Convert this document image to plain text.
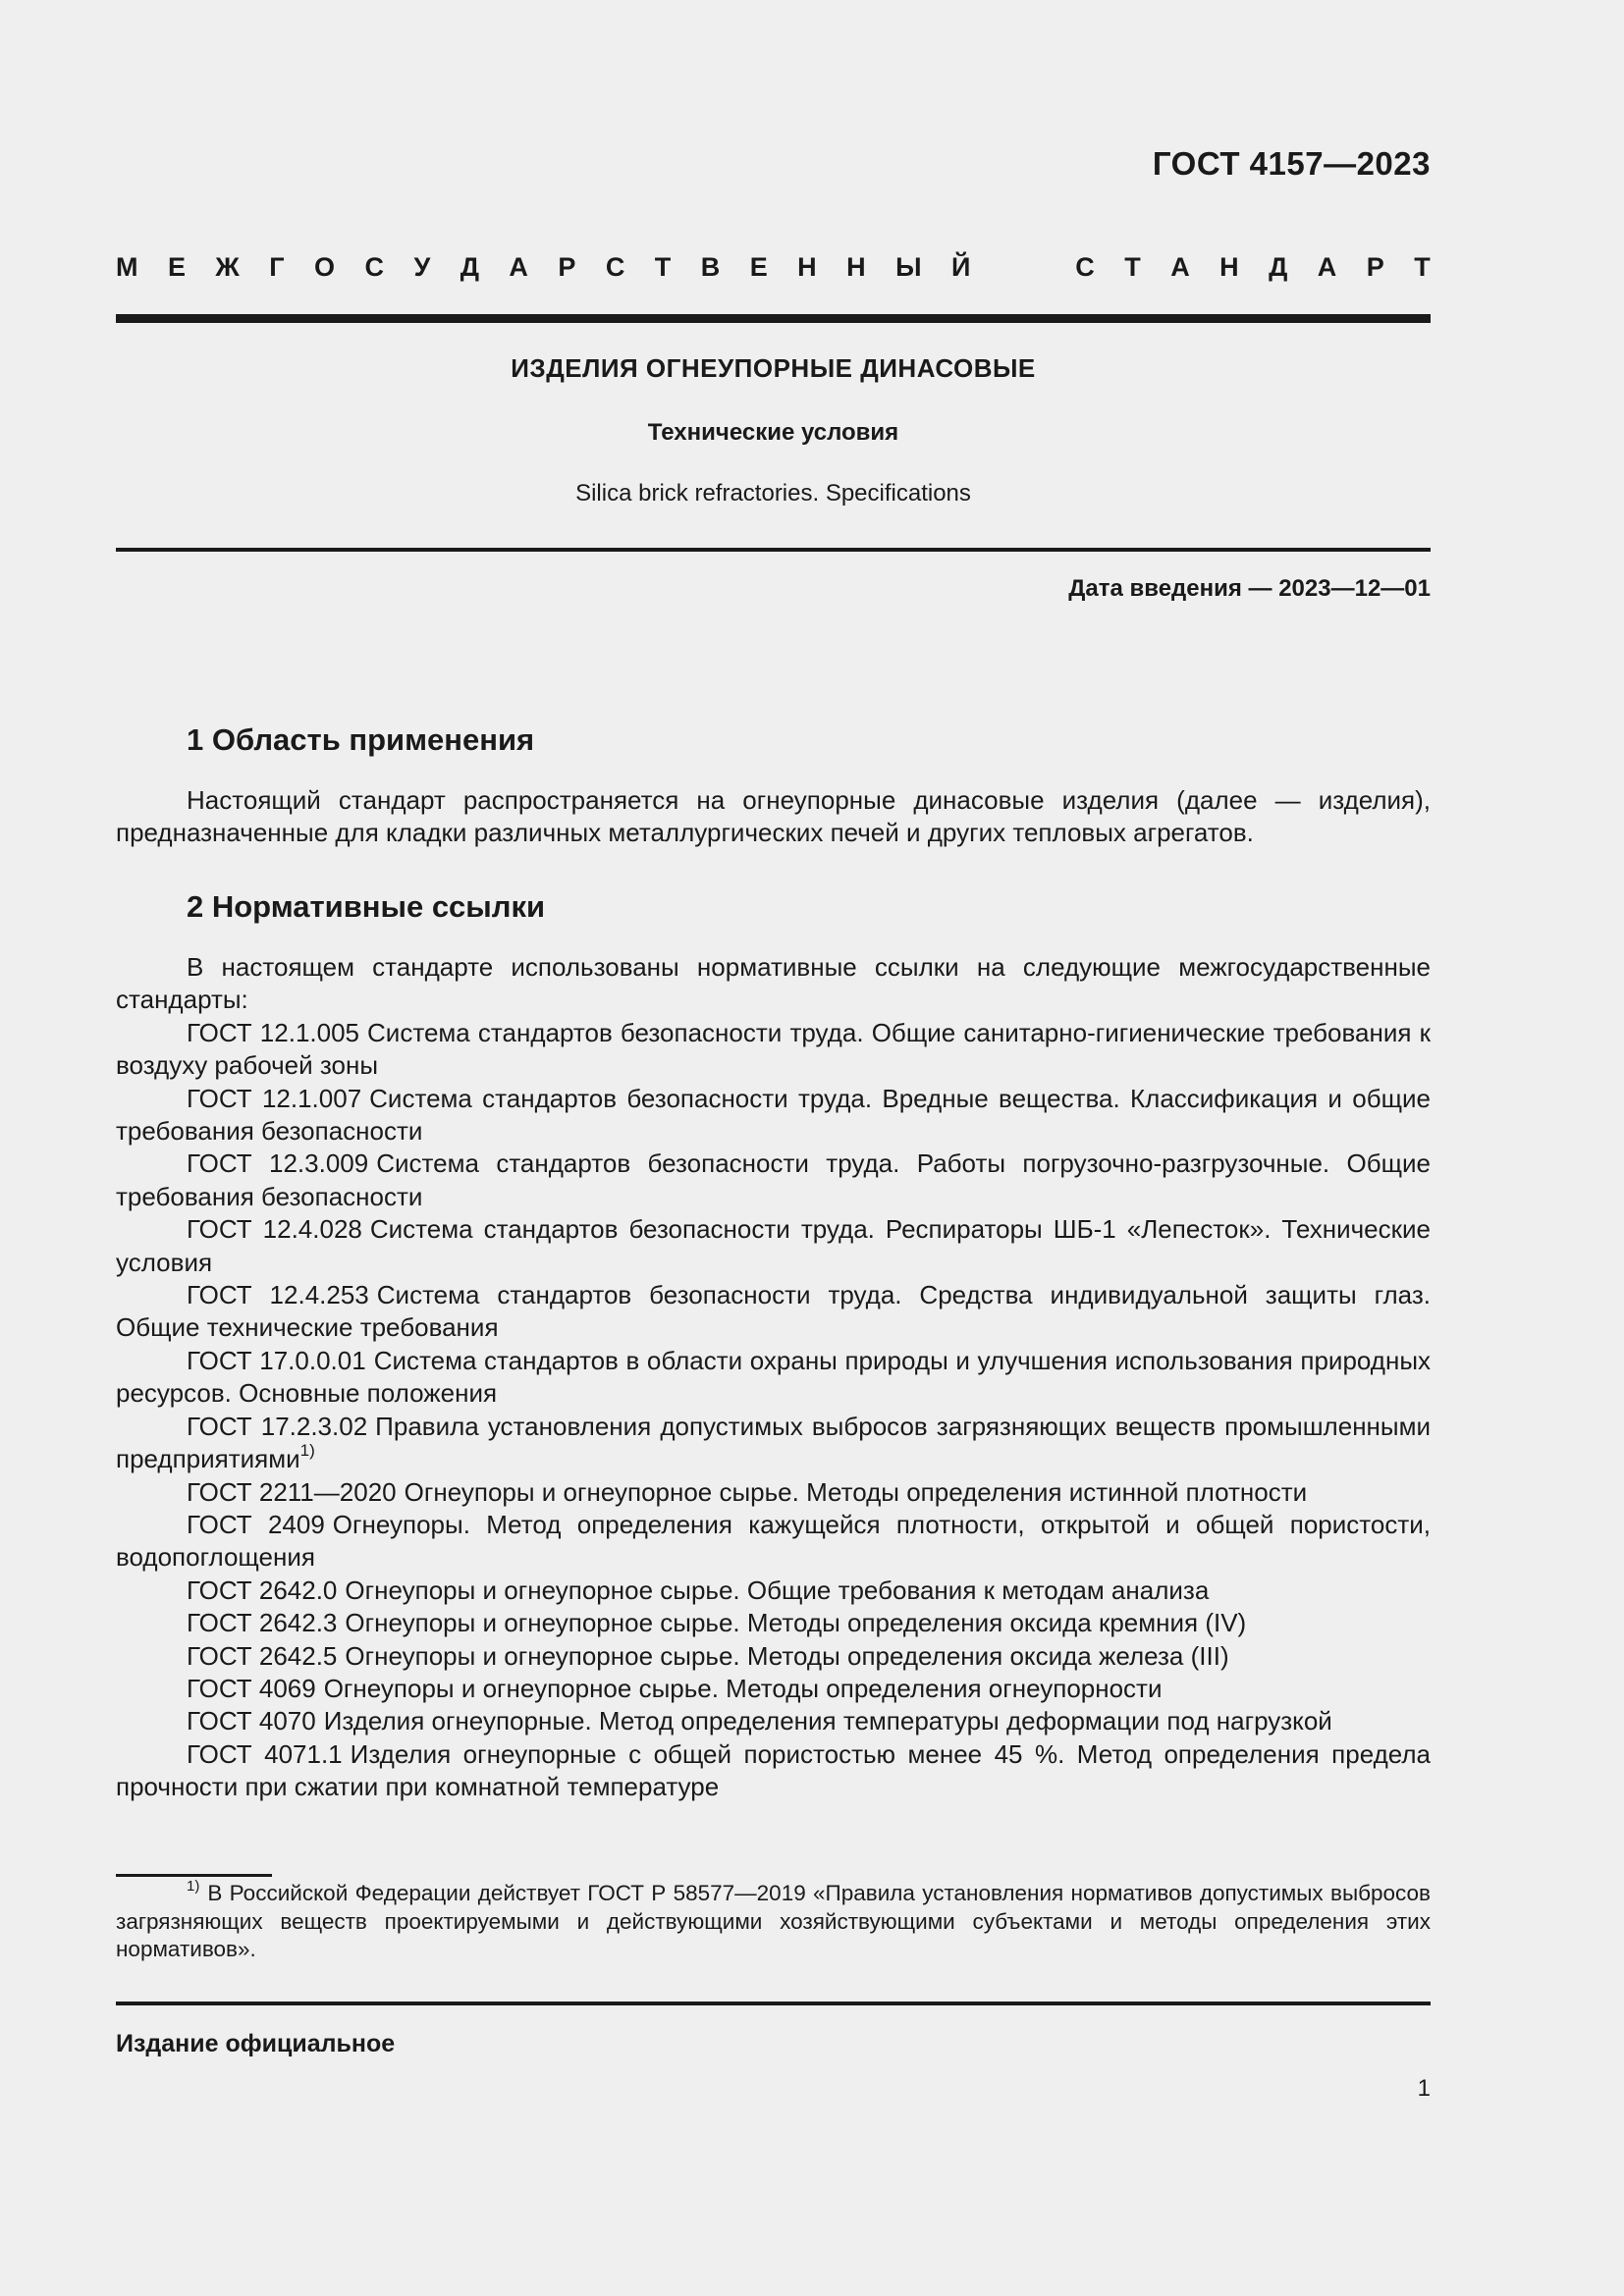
ГОСТ 4157—2023
М Е Ж Г О С У Д А Р С Т В Е Н Н Ы Й	С Т А Н Д А Р Т
ИЗДЕЛИЯ ОГНЕУПОРНЫЕ ДИНАСОВЫЕ
Технические условия
Silica brick refractories. Specifications
Дата введения — 2023—12—01
1 Область применения

Настоящий стандарт распространяется на огнеупорные динасовые изделия (далее — изделия), предназначенные для кладки различных металлургических печей и других тепловых агрегатов.

2 Нормативные ссылки

В настоящем стандарте использованы нормативные ссылки на следующие межгосударственные стандарты:

ГОСТ 12.1.005 Система стандартов безопасности труда. Общие санитарно-гигиенические требования к воздуху рабочей зоны

ГОСТ 12.1.007 Система стандартов безопасности труда. Вредные вещества. Классификация и общие требования безопасности

ГОСТ 12.3.009 Система стандартов безопасности труда. Работы погрузочно-разгрузочные. Общие требования безопасности

ГОСТ 12.4.028 Система стандартов безопасности труда. Респираторы ШБ-1 «Лепесток». Технические условия

ГОСТ 12.4.253 Система стандартов безопасности труда. Средства индивидуальной защиты глаз. Общие технические требования

ГОСТ 17.0.0.01 Система стандартов в области охраны природы и улучшения использования природных ресурсов. Основные положения

ГОСТ 17.2.3.02 Правила установления допустимых выбросов загрязняющих веществ промышленными предприятиями$^{1)}$

ГОСТ 2211—2020 Огнеупоры и огнеупорное сырье. Методы определения истинной плотности

ГОСТ 2409 Огнеупоры. Метод определения кажущейся плотности, открытой и общей пористости, водопоглощения

ГОСТ 2642.0 Огнеупоры и огнеупорное сырье. Общие требования к методам анализа

ГОСТ 2642.3 Огнеупоры и огнеупорное сырье. Методы определения оксида кремния (IV)

ГОСТ 2642.5 Огнеупоры и огнеупорное сырье. Методы определения оксида железа (III)

ГОСТ 4069 Огнеупоры и огнеупорное сырье. Методы определения огнеупорности

ГОСТ 4070 Изделия огнеупорные. Метод определения температуры деформации под нагрузкой

ГОСТ 4071.1 Изделия огнеупорные с общей пористостью менее 45 %. Метод определения предела прочности при сжатии при комнатной температуре

$^{1)}$ В Российской Федерации действует ГОСТ Р 58577—2019 «Правила установления нормативов допустимых выбросов загрязняющих веществ проектируемыми и действующими хозяйствующими субъектами и методы определения этих нормативов».

Издание официальное
1
